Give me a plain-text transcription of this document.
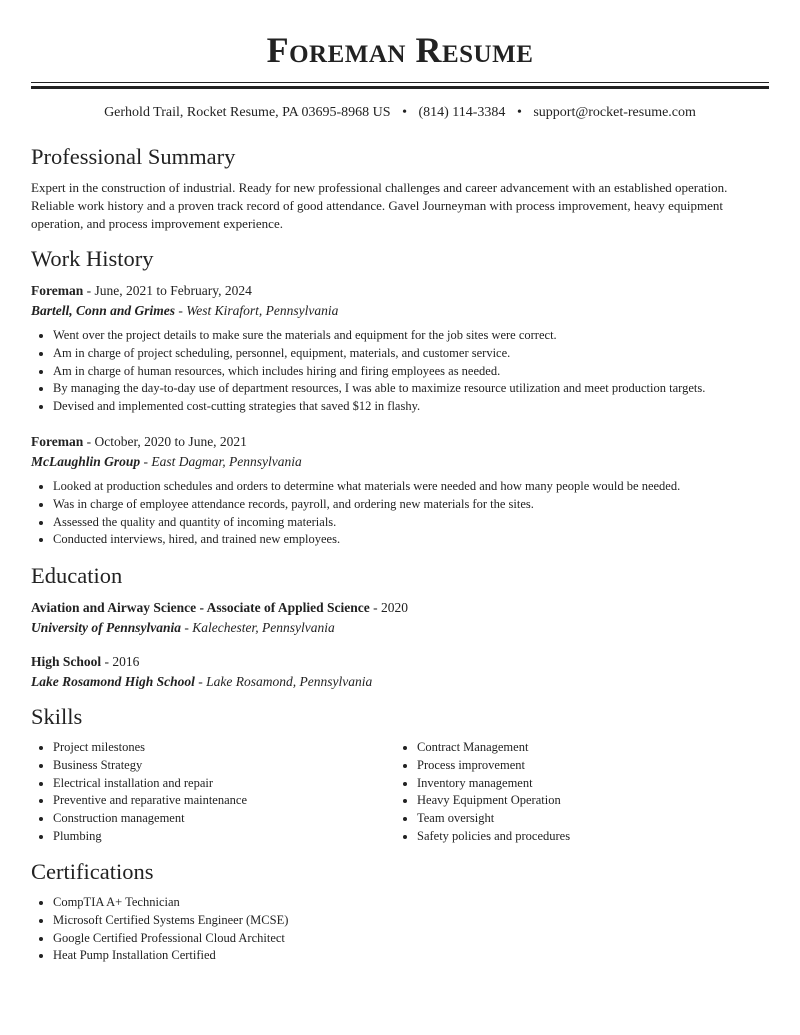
Foreman Resume
Gerhold Trail, Rocket Resume, PA 03695-8968 US • (814) 114-3384 • support@rocket-resume.com
Professional Summary

Expert in the construction of industrial. Ready for new professional challenges and career advancement with an established operation. Reliable work history and a proven track record of good attendance. Gavel Journeyman with process improvement, heavy equipment operation, and process improvement experience.

Work History
Foreman - June, 2021 to February, 2024
Bartell, Conn and Grimes - West Kirafort, Pennsylvania
• Went over the project details to make sure the materials and equipment for the job sites were correct.
• Am in charge of project scheduling, personnel, equipment, materials, and customer service.
• Am in charge of human resources, which includes hiring and firing employees as needed.
• By managing the day-to-day use of department resources, I was able to maximize resource utilization and meet production targets.
• Devised and implemented cost-cutting strategies that saved $12 in flashy.
Foreman - October, 2020 to June, 2021
McLaughlin Group - East Dagmar, Pennsylvania
• Looked at production schedules and orders to determine what materials were needed and how many people would be needed.
• Was in charge of employee attendance records, payroll, and ordering new materials for the sites.
• Assessed the quality and quantity of incoming materials.
• Conducted interviews, hired, and trained new employees.
Education
Aviation and Airway Science - Associate of Applied Science - 2020
University of Pennsylvania - Kalechester, Pennsylvania
High School - 2016
Lake Rosamond High School - Lake Rosamond, Pennsylvania
Skills
• Project milestones
• Business Strategy
• Electrical installation and repair
• Preventive and reparative maintenance
• Construction management
• Plumbing
• Contract Management
• Process improvement
• Inventory management
• Heavy Equipment Operation
• Team oversight
• Safety policies and procedures
Certifications
• CompTIA A+ Technician
• Microsoft Certified Systems Engineer (MCSE)
• Google Certified Professional Cloud Architect
• Heat Pump Installation Certified
